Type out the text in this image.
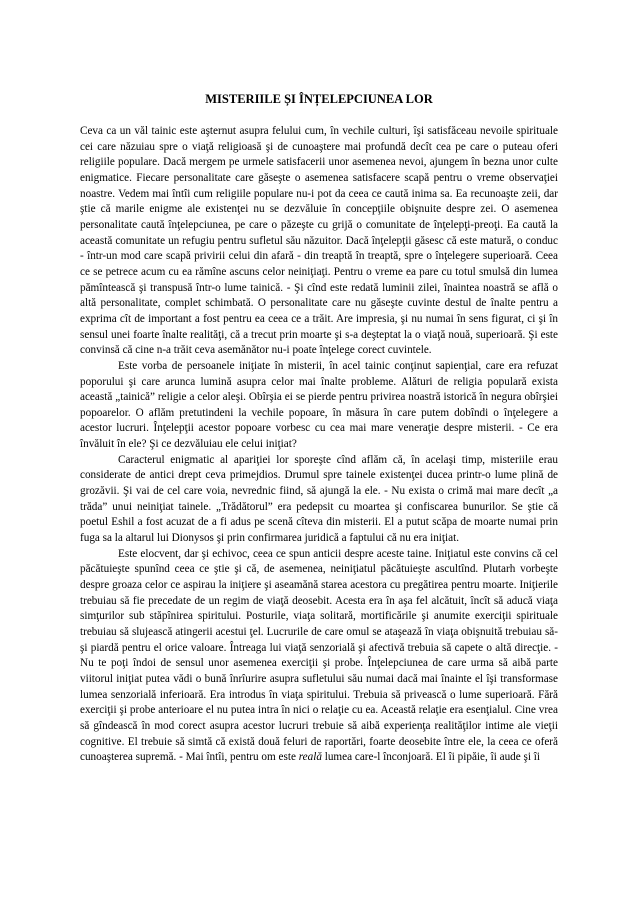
MISTERIILE ȘI ÎNȚELEPCIUNEA LOR

Ceva ca un văl tainic este aşternut asupra felului cum, în vechile culturi, îşi satisfăceau nevoile spirituale cei care năzuiau spre o viaţă religioasă şi de cunoaştere mai profundă decît cea pe care o puteau oferi religiile populare. Dacă mergem pe urmele satisfacerii unor asemenea nevoi, ajungem în bezna unor culte enigmatice. Fiecare personalitate care găseşte o asemenea satisfacere scapă pentru o vreme observaţiei noastre. Vedem mai întîi cum religiile populare nu-i pot da ceea ce caută inima sa. Ea recunoaşte zeii, dar ştie că marile enigme ale existenţei nu se dezvăluie în concepţiile obişnuite despre zei. O asemenea personalitate caută înţelepciunea, pe care o păzeşte cu grijă o comunitate de înţelepţi-preoţi. Ea caută la această comunitate un refugiu pentru sufletul său năzuitor. Dacă înţelepţii găsesc că este matură, o conduc - într-un mod care scapă privirii celui din afară - din treaptă în treaptă, spre o înţelegere superioară. Ceea ce se petrece acum cu ea rămîne ascuns celor neiniţiaţi. Pentru o vreme ea pare cu totul smulsă din lumea pămîntească şi transpusă într-o lume tainică. - Şi cînd este redată luminii zilei, înaintea noastră se află o altă personalitate, complet schimbată. O personalitate care nu găseşte cuvinte destul de înalte pentru a exprima cît de important a fost pentru ea ceea ce a trăit. Are impresia, şi nu numai în sens figurat, ci şi în sensul unei foarte înalte realităţi, că a trecut prin moarte şi s-a deşteptat la o viaţă nouă, superioară. Şi este convinsă că cine n-a trăit ceva asemănător nu-i poate înţelege corect cuvintele.

Este vorba de persoanele iniţiate în misterii, în acel tainic conţinut sapienţial, care era refuzat poporului şi care arunca lumină asupra celor mai înalte probleme. Alături de religia populară exista această „tainică” religie a celor aleşi. Obîrşia ei se pierde pentru privirea noastră istorică în negura obîrşiei popoarelor. O aflăm pretutindeni la vechile popoare, în măsura în care putem dobîndi o înţelegere a acestor lucruri. Înţelepţii acestor popoare vorbesc cu cea mai mare veneraţie despre misterii. - Ce era învăluit în ele? Şi ce dezvăluiau ele celui iniţiat?

Caracterul enigmatic al apariţiei lor sporeşte cînd aflăm că, în acelaşi timp, misteriile erau considerate de antici drept ceva primejdios. Drumul spre tainele existenţei ducea printr-o lume plină de grozăvii. Şi vai de cel care voia, nevrednic fiind, să ajungă la ele. - Nu exista o crimă mai mare decît „a trăda” unui neiniţiat tainele. „Trădătorul” era pedepsit cu moartea şi confiscarea bunurilor. Se ştie că poetul Eshil a fost acuzat de a fi adus pe scenă cîteva din misterii. El a putut scăpa de moarte numai prin fuga sa la altarul lui Dionysos şi prin confirmarea juridică a faptului că nu era iniţiat.

Este elocvent, dar şi echivoc, ceea ce spun anticii despre aceste taine. Iniţiatul este convins că cel păcătuieşte spunînd ceea ce ştie şi că, de asemenea, neiniţiatul păcătuieşte ascultînd. Plutarh vorbeşte despre groaza celor ce aspirau la iniţiere şi aseamănă starea acestora cu pregătirea pentru moarte. Iniţierile trebuiau să fie precedate de un regim de viaţă deosebit. Acesta era în aşa fel alcătuit, încît să aducă viaţa simţurilor sub stăpînirea spiritului. Posturile, viaţa solitară, mortificările şi anumite exerciţii spirituale trebuiau să slujească atingerii acestui ţel. Lucrurile de care omul se ataşează în viaţa obişnuită trebuiau să-şi piardă pentru el orice valoare. Întreaga lui viaţă senzorială şi afectivă trebuia să capete o altă direcţie. - Nu te poţi îndoi de sensul unor asemenea exerciţii şi probe. Înţelepciunea de care urma să aibă parte viitorul iniţiat putea vădi o bună înrîurire asupra sufletului său numai dacă mai înainte el îşi transformase lumea senzorială inferioară. Era introdus în viaţa spiritului. Trebuia să privească o lume superioară. Fără exerciţii şi probe anterioare el nu putea intra în nici o relaţie cu ea. Această relaţie era esenţialul. Cine vrea să gîndească în mod corect asupra acestor lucruri trebuie să aibă experienţa realităţilor intime ale vieţii cognitive. El trebuie să simtă că există două feluri de raportări, foarte deosebite între ele, la ceea ce oferă cunoaşterea supremă. - Mai întîi, pentru om este reală lumea care-l înconjoară. El îi pipăie, îi aude şi îi
